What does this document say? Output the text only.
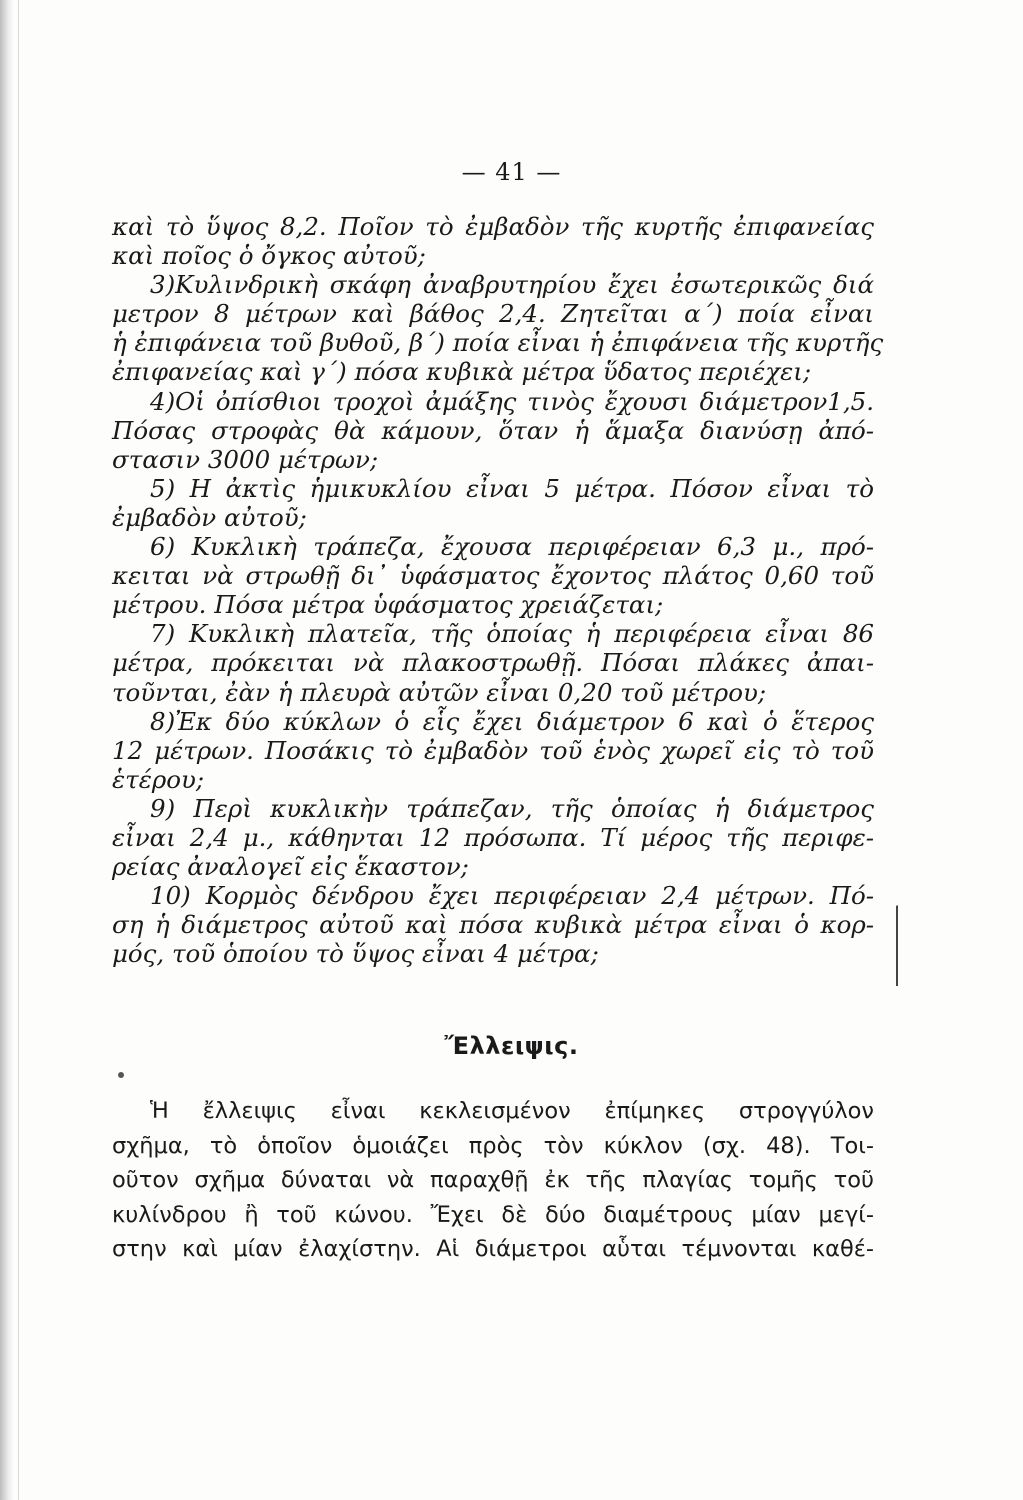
— 41 —
καὶ τὸ ὕψος 8,2. Ποῖον τὸ ἐμβαδὸν τῆς κυρτῆς ἐπιφανείας
καὶ ποῖος ὁ ὄγκος αὐτοῦ;
3)Κυλινδρικὴ σκάφη ἀναβρυτηρίου ἔχει ἐσωτερικῶς διά
μετρον 8 μέτρων καὶ βάθος 2,4. Ζητεῖται α΄) ποία εἶναι
ἡ ἐπιφάνεια τοῦ βυθοῦ, β΄) ποία εἶναι ἡ ἐπιφάνεια τῆς κυρτῆς
ἐπιφανείας καὶ γ΄) πόσα κυβικὰ μέτρα ὕδατος περιέχει;
4)Οἱ ὀπίσθιοι τροχοὶ ἀμάξης τινὸς ἔχουσι διάμετρον1,5.
Πόσας στροφὰς θὰ κάμουν, ὅταν ἡ ἅμαξα διανύσῃ ἀπό-
στασιν 3000 μέτρων;
5) Η ἀκτὶς ἡμικυκλίου εἶναι 5 μέτρα. Πόσον εἶναι τὸ
ἐμβαδὸν αὐτοῦ;
6) Κυκλικὴ τράπεζα, ἔχουσα περιφέρειαν 6,3 μ., πρό-
κειται νὰ στρωθῇ δι᾽ ὑφάσματος ἔχοντος πλάτος 0,60 τοῦ
μέτρου. Πόσα μέτρα ὑφάσματος χρειάζεται;
7) Κυκλικὴ πλατεῖα, τῆς ὁποίας ἡ περιφέρεια εἶναι 86
μέτρα, πρόκειται νὰ πλακοστρωθῇ. Πόσαι πλάκες ἀπαι-
τοῦνται, ἐὰν ἡ πλευρὰ αὐτῶν εἶναι 0,20 τοῦ μέτρου;
8)Ἐκ δύο κύκλων ὁ εἷς ἔχει διάμετρον 6 καὶ ὁ ἕτερος
12 μέτρων. Ποσάκις τὸ ἐμβαδὸν τοῦ ἑνὸς χωρεῖ εἰς τὸ τοῦ
ἑτέρου;
9) Περὶ κυκλικὴν τράπεζαν, τῆς ὁποίας ἡ διάμετρος
εἶναι 2,4 μ., κάθηνται 12 πρόσωπα. Τί μέρος τῆς περιφε-
ρείας ἀναλογεῖ εἰς ἕκαστον;
10) Κορμὸς δένδρου ἔχει περιφέρειαν 2,4 μέτρων. Πό-
ση ἡ διάμετρος αὐτοῦ καὶ πόσα κυβικὰ μέτρα εἶναι ὁ κορ-
μός, τοῦ ὁποίου τὸ ὕψος εἶναι 4 μέτρα;
Ἔλλειψις.
Ἡ ἔλλειψις εἶναι κεκλεισμένον ἐπίμηκες στρογγύλον
σχῆμα, τὸ ὁποῖον ὁμοιάζει πρὸς τὸν κύκλον (σχ. 48). Τοι-
οῦτον σχῆμα δύναται νὰ παραχθῇ ἐκ τῆς πλαγίας τομῆς τοῦ
κυλίνδρου ἢ τοῦ κώνου. Ἔχει δὲ δύο διαμέτρους μίαν μεγί-
στην καὶ μίαν ἐλαχίστην. Αἱ διάμετροι αὗται τέμνονται καθέ-
